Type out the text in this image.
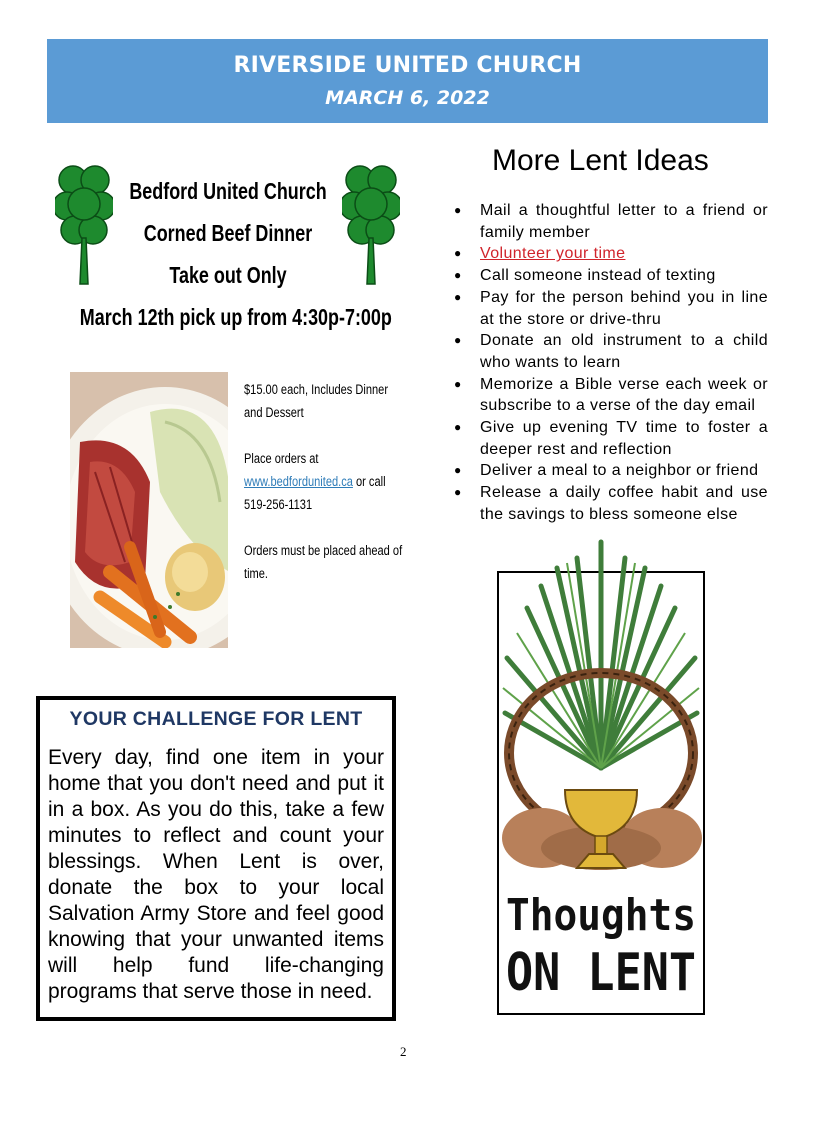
RIVERSIDE UNITED CHURCH
MARCH 6, 2022
Bedford United Church
Corned Beef Dinner
Take out Only
March 12th pick up from 4:30p-7:00p

$15.00 each, Includes Dinner and Dessert

Place orders at
www.bedfordunited.ca or call
519-256-1131

Orders must be placed ahead of time.

YOUR CHALLENGE FOR LENT
Every day, find one item in your home that you don't need and put it in a box. As you do this, take a few minutes to reflect and count your blessings. When Lent is over, donate the box to your local Salvation Army Store and feel good knowing that your unwanted items will help fund life-changing programs that serve those in need.
More Lent Ideas
● Mail a thoughtful letter to a friend or family member
● Volunteer your time
● Call someone instead of texting
● Pay for the person behind you in line at the store or drive-thru
● Donate an old instrument to a child who wants to learn
● Memorize a Bible verse each week or subscribe to a verse of the day email
● Give up evening TV time to foster a deeper rest and reflection
● Deliver a meal to a neighbor or friend
● Release a daily coffee habit and use the savings to bless someone else
Thoughts
ON LENT
2
